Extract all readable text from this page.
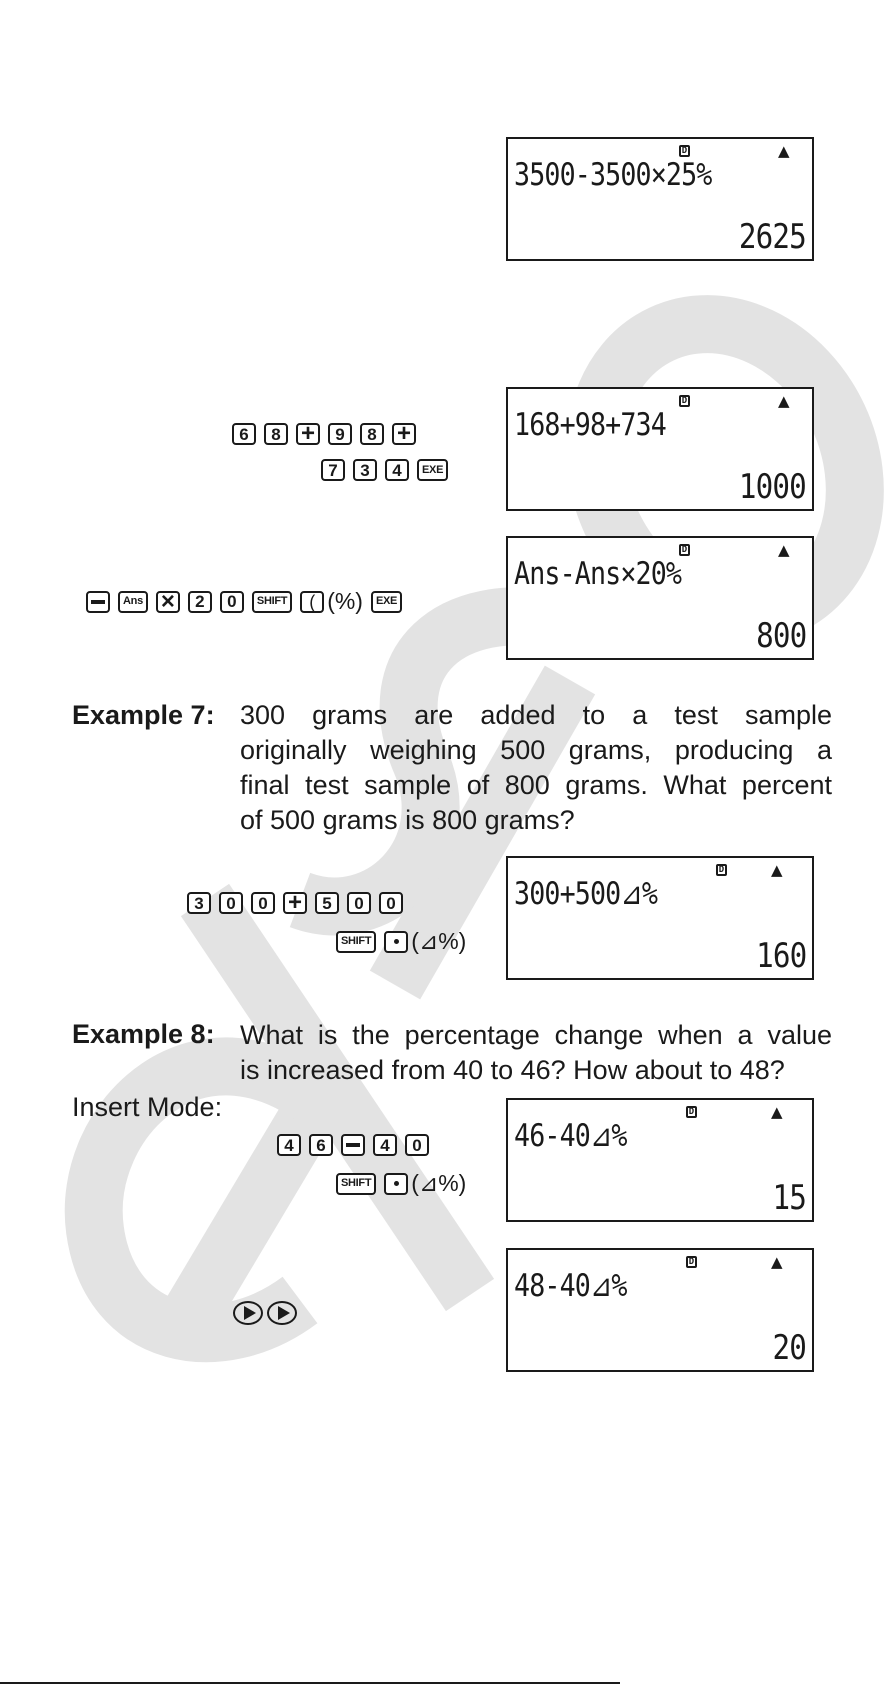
D	▲
3500-3500×25%
2625
D	▲
168+98+734
1000
6	8 +	9	8 +
7	3	4	EXE
D	▲
Ans-Ans×20%
800
Ans ×	2	0	SHIFT	( (%)	EXE
Example 7: 300 grams are added to a test sample
originally weighing 500 grams, producing a
final test sample of 800 grams. What percent
of 500 grams is 800 grams?
D	▲
300+500⊿%
160
3	0	0 +	5	0	0
SHIFT (⊿%)
Example 8: What is the percentage change when a value
is increased from 40 to 46? How about to 48?
Insert Mode:	D	▲
46-40⊿%
15
4	6	4	0
SHIFT (⊿%)
D	▲
48-40⊿%
20
